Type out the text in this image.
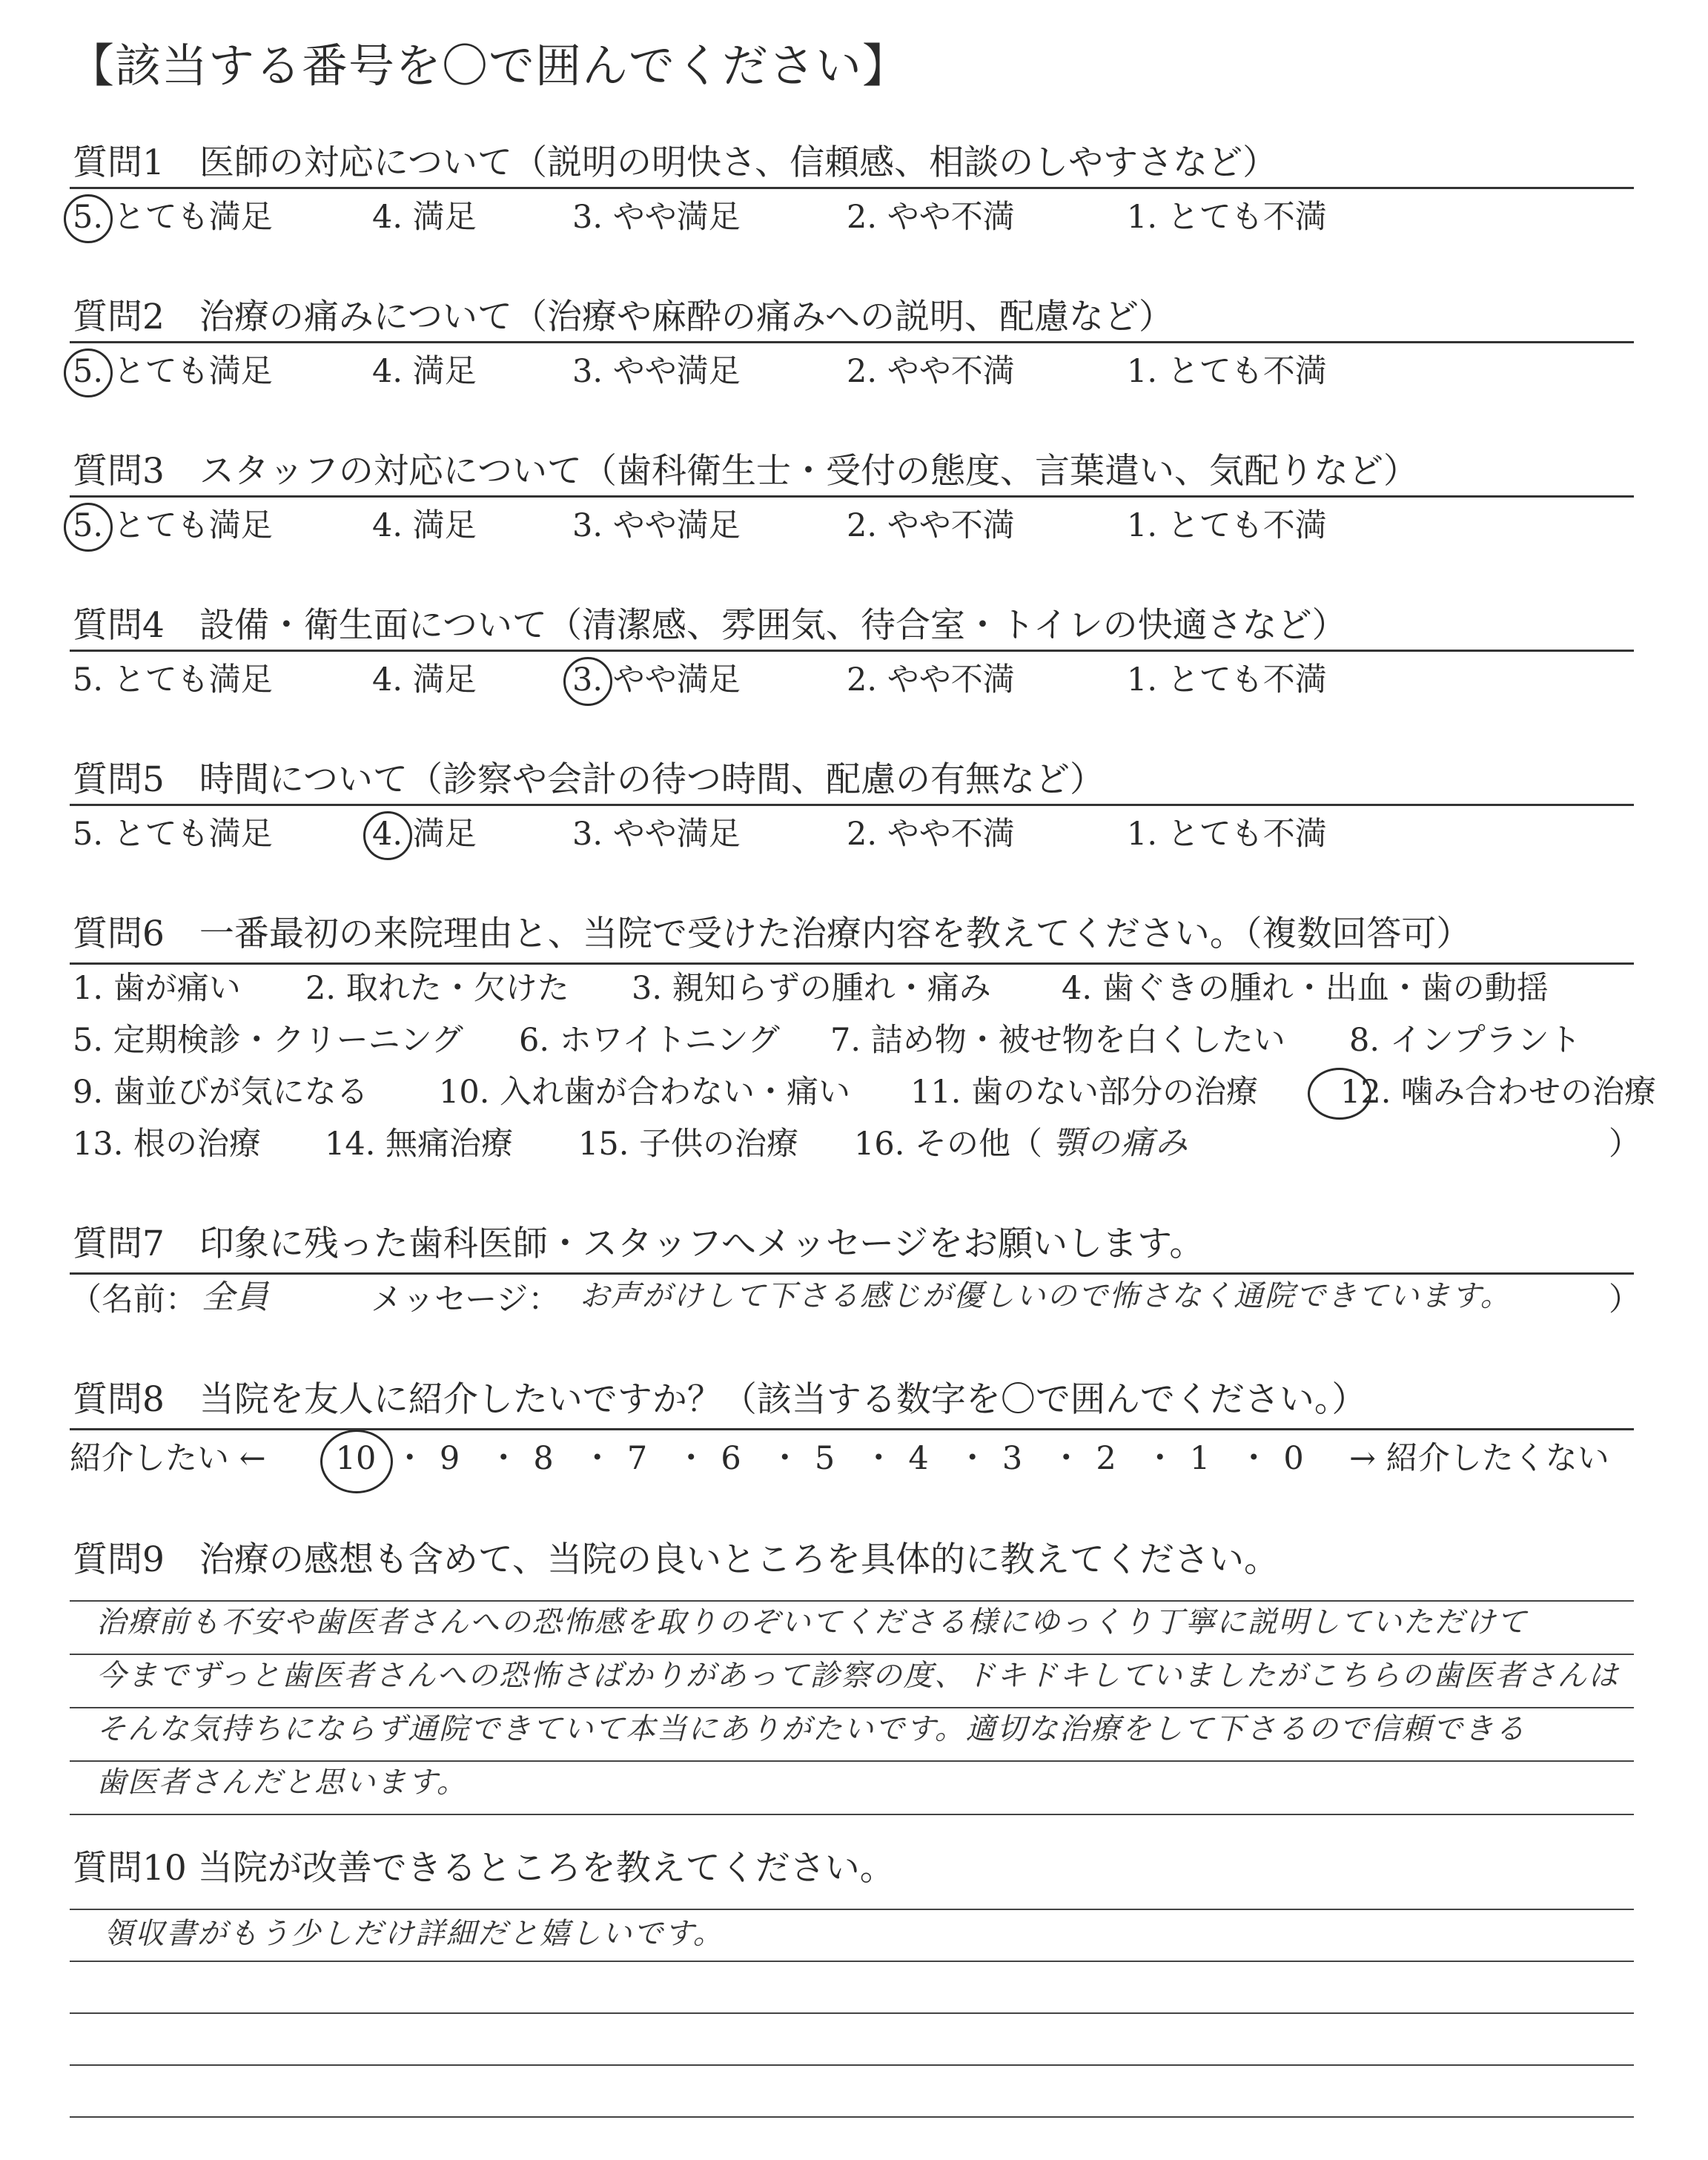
【該当する番号を〇で囲んでください】
質問1　医師の対応について（説明の明快さ、信頼感、相談のしやすさなど）
5. とても満足	4. 満足	3. やや満足	2. やや不満	1. とても不満
質問2　治療の痛みについて（治療や麻酔の痛みへの説明、配慮など）
5. とても満足	4. 満足	3. やや満足	2. やや不満	1. とても不満
質問3　スタッフの対応について（歯科衛生士・受付の態度、言葉遣い、気配りなど）
5. とても満足	4. 満足	3. やや満足	2. やや不満	1. とても不満
質問4　設備・衛生面について（清潔感、雰囲気、待合室・トイレの快適さなど）
5. とても満足	4. 満足	3. やや満足	2. やや不満	1. とても不満
質問5　時間について（診察や会計の待つ時間、配慮の有無など）
5. とても満足	4. 満足	3. やや満足	2. やや不満	1. とても不満
質問6　一番最初の来院理由と、当院で受けた治療内容を教えてください。（複数回答可）
1. 歯が痛い 2. 取れた・欠けた 3. 親知らずの腫れ・痛み 4. 歯ぐきの腫れ・出血・歯の動揺
5. 定期検診・クリーニング 6. ホワイトニング 7. 詰め物・被せ物を白くしたい 8. インプラント
9. 歯並びが気になる 10. 入れ歯が合わない・痛い 11. 歯のない部分の治療	12. 噛み合わせの治療
13. 根の治療 14. 無痛治療 15. 子供の治療 16. その他（ 顎の痛み	）
質問7　印象に残った歯科医師・スタッフへメッセージをお願いします。
（名前： 全員	メッセージ： お声がけして下さる感じが優しいので怖さなく通院できています。	）
質問8　当院を友人に紹介したいですか？（該当する数字を〇で囲んでください。）
紹介したい ← 10 ・ 9 ・ 8 ・ 7 ・ 6 ・ 5 ・ 4 ・ 3 ・ 2 ・ 1 ・ 0	→ 紹介したくない
質問9　治療の感想も含めて、当院の良いところを具体的に教えてください。
治療前も不安や歯医者さんへの恐怖感を取りのぞいてくださる様にゆっくり丁寧に説明していただけて
今までずっと歯医者さんへの恐怖さばかりがあって診察の度、ドキドキしていましたがこちらの歯医者さんは
そんな気持ちにならず通院できていて本当にありがたいです。適切な治療をして下さるので信頼できる
歯医者さんだと思います。
質問10 当院が改善できるところを教えてください。
領収書がもう少しだけ詳細だと嬉しいです。
